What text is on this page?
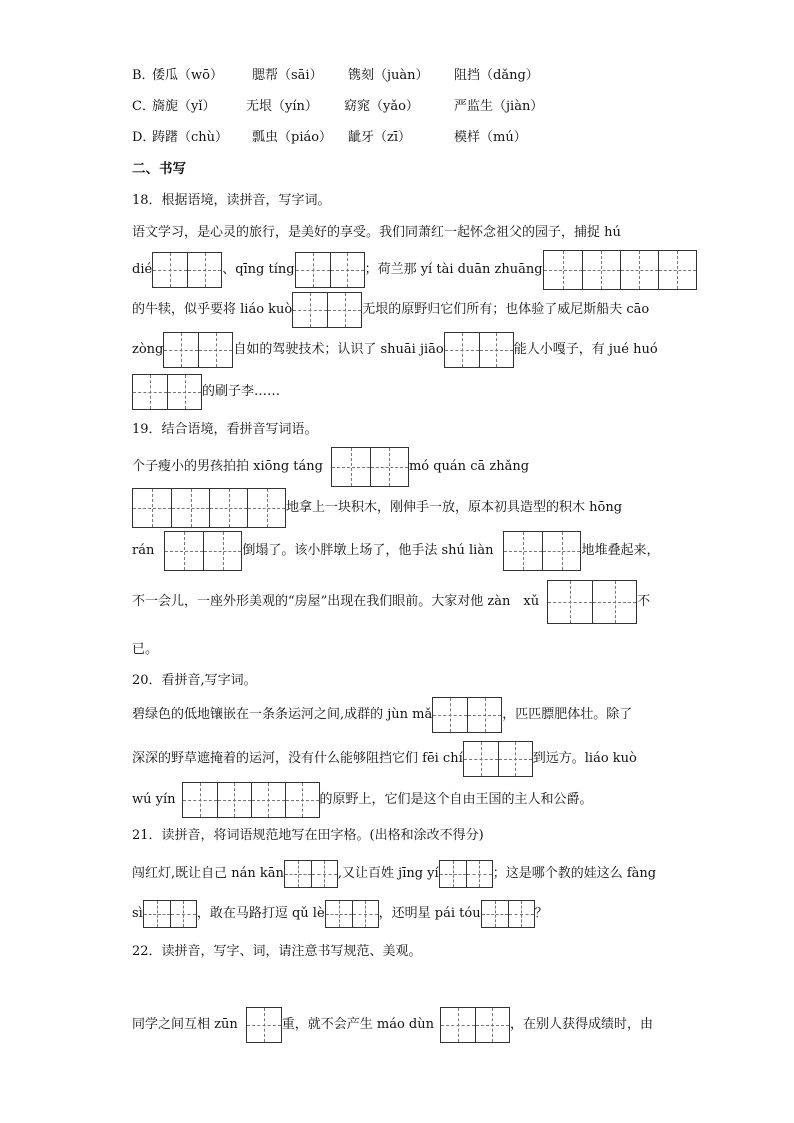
B．
倭瓜（wō）	腮帮（sāi）	镌刻（juàn）	阻挡（dǎng）
C．
旖旎（yǐ）	无垠（yín）	窈窕（yǎo）	严监生（jiàn）
D．
踌躇（chù）	瓢虫（piáo）	龇牙（zī）	模样（mú）
二、书写
18．根据语境，读拼音，写字词。
语文学习，是心灵的旅行，是美好的享受。我们同萧红一起怀念祖父的园子，捕捉 hú
dié	、qīng tíng	；荷兰那 yí tài duān zhuāng
的牛犊，似乎要将 liáo kuò	无垠的原野归它们所有；也体验了威尼斯船夫 cāo
zòng	自如的驾驶技术；认识了 shuāi jiāo	能人小嘎子，有 jué huó
的刷子李……
19．结合语境，看拼音写词语。
个子瘦小的男孩拍拍 xiōng táng	mó quán cā zhǎng
地拿上一块积木，刚伸手一放，原本初具造型的积木 hōng
rán	倒塌了。该小胖墩上场了，他手法 shú liàn	地堆叠起来，
不一会儿，一座外形美观的“房屋”出现在我们眼前。大家对他 zàn　xǔ	不
已。
20．看拼音,写字词。
碧绿色的低地镶嵌在一条条运河之间,成群的 jùn mǎ	，匹匹膘肥体壮。除了
深深的野草遮掩着的运河，没有什么能够阻挡它们 fēi chí	到远方。liáo kuò
wú yín	的原野上，它们是这个自由王国的主人和公爵。
21．读拼音，将词语规范地写在田字格。(出格和涂改不得分)
闯红灯,既让自己 nán kān	,又让百姓 jīng yí	；这是哪个教的娃这么 fàng
sì	，敢在马路打逗 qǔ lè	，还明星 pái tóu	？
22．读拼音，写字、词，请注意书写规范、美观。
同学之间互相 zūn	重，就不会产生 máo dùn	，在别人获得成绩时，由
